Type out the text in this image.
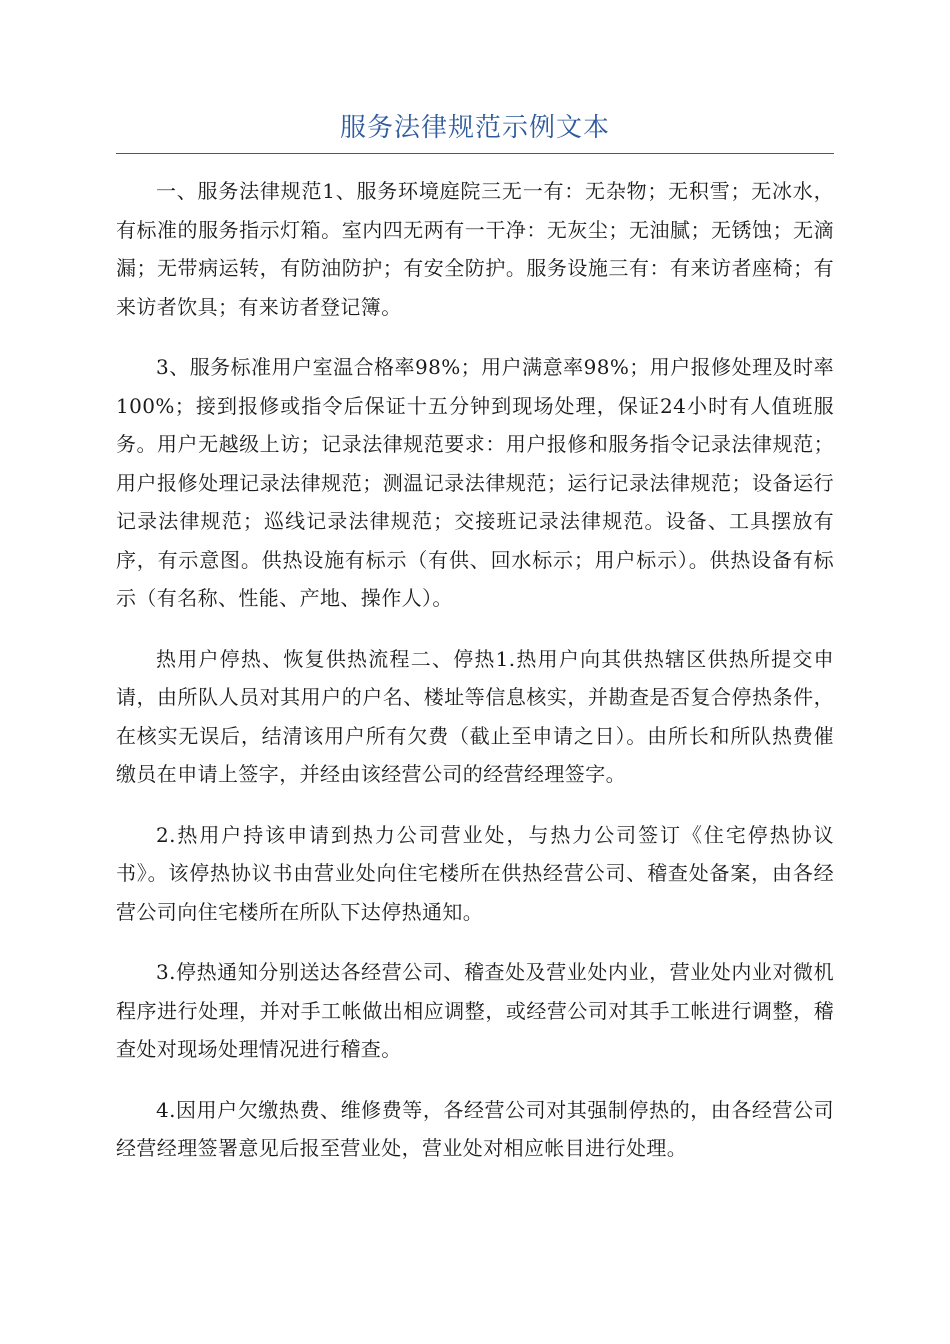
服务法律规范示例文本

一、服务法律规范1、服务环境庭院三无一有：无杂物；无积雪；无冰水，有标准的服务指示灯箱。室内四无两有一干净：无灰尘；无油腻；无锈蚀；无滴漏；无带病运转，有防油防护；有安全防护。服务设施三有：有来访者座椅；有来访者饮具；有来访者登记簿。

3、服务标准用户室温合格率98%；用户满意率98%；用户报修处理及时率100%；接到报修或指令后保证十五分钟到现场处理，保证24小时有人值班服务。用户无越级上访；记录法律规范要求：用户报修和服务指令记录法律规范；用户报修处理记录法律规范；测温记录法律规范；运行记录法律规范；设备运行记录法律规范；巡线记录法律规范；交接班记录法律规范。设备、工具摆放有序，有示意图。供热设施有标示（有供、回水标示；用户标示）。供热设备有标示（有名称、性能、产地、操作人）。

热用户停热、恢复供热流程二、停热1.热用户向其供热辖区供热所提交申请，由所队人员对其用户的户名、楼址等信息核实，并勘查是否复合停热条件，在核实无误后，结清该用户所有欠费（截止至申请之日）。由所长和所队热费催缴员在申请上签字，并经由该经营公司的经营经理签字。

2.热用户持该申请到热力公司营业处，与热力公司签订《住宅停热协议书》。该停热协议书由营业处向住宅楼所在供热经营公司、稽查处备案，由各经营公司向住宅楼所在所队下达停热通知。

3.停热通知分别送达各经营公司、稽查处及营业处内业，营业处内业对微机程序进行处理，并对手工帐做出相应调整，或经营公司对其手工帐进行调整，稽查处对现场处理情况进行稽查。

4.因用户欠缴热费、维修费等，各经营公司对其强制停热的，由各经营公司经营经理签署意见后报至营业处，营业处对相应帐目进行处理。
